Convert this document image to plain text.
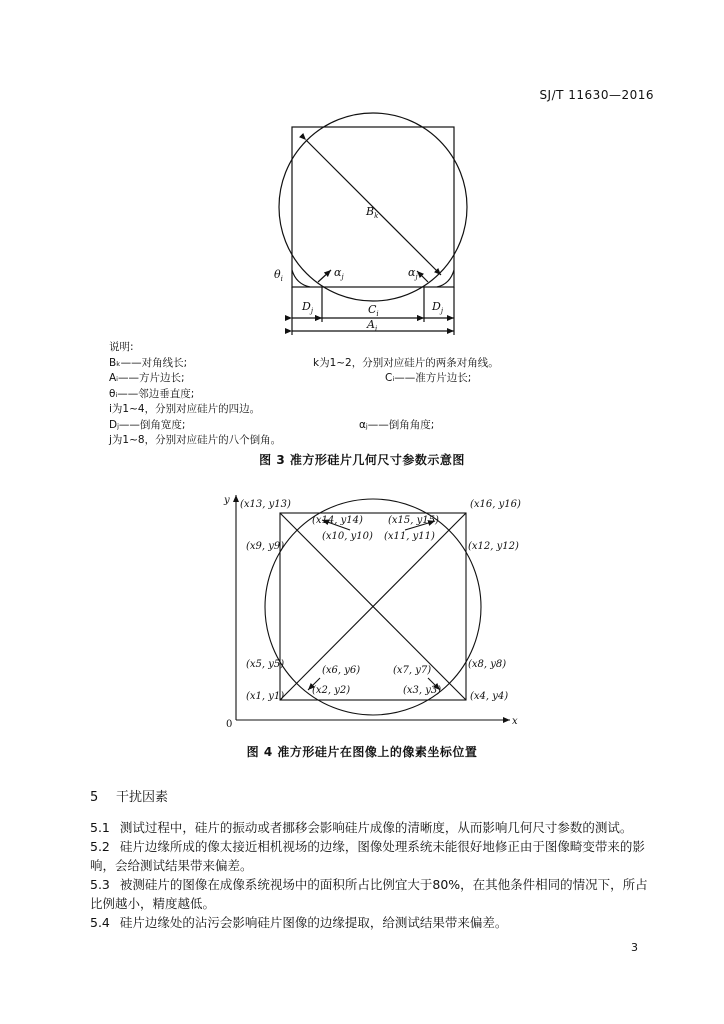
SJ/T 11630—2016
$B_k$
$\theta_i$	$\alpha_j$	$\alpha_j$
$D_j$	$C_i$
$D_j$
$A_i$
说明:
Bₖ——对角线长;	k为1~2，分别对应硅片的两条对角线。
Aᵢ——方片边长;	Cᵢ——准方片边长;
θᵢ——邻边垂直度;
i为1~4，分别对应硅片的四边。
Dⱼ——倒角宽度;	αⱼ——倒角角度;
j为1~8，分别对应硅片的八个倒角。
图 3 准方形硅片几何尺寸参数示意图
y
x
0
(x13, y13)
(x14, y14)
(x10, y10)
(x15, y15)
(x11, y11)
(x16, y16)
(x9, y9)	(x12, y12)
(x5, y5)
(x6, y6)	(x7, y7)
(x8, y8)
(x1, y1)
(x2, y2)	(x3, y3)
(x4, y4)
图 4 准方形硅片在图像上的像素坐标位置
5 干扰因素
5.1 测试过程中，硅片的振动或者挪移会影响硅片成像的清晰度，从而影响几何尺寸参数的测试。
5.2 硅片边缘所成的像太接近相机视场的边缘，图像处理系统未能很好地修正由于图像畸变带来的影响，会给测试结果带来偏差。
5.3 被测硅片的图像在成像系统视场中的面积所占比例宜大于80%，在其他条件相同的情况下，所占比例越小，精度越低。
5.4 硅片边缘处的沾污会影响硅片图像的边缘提取，给测试结果带来偏差。
3
